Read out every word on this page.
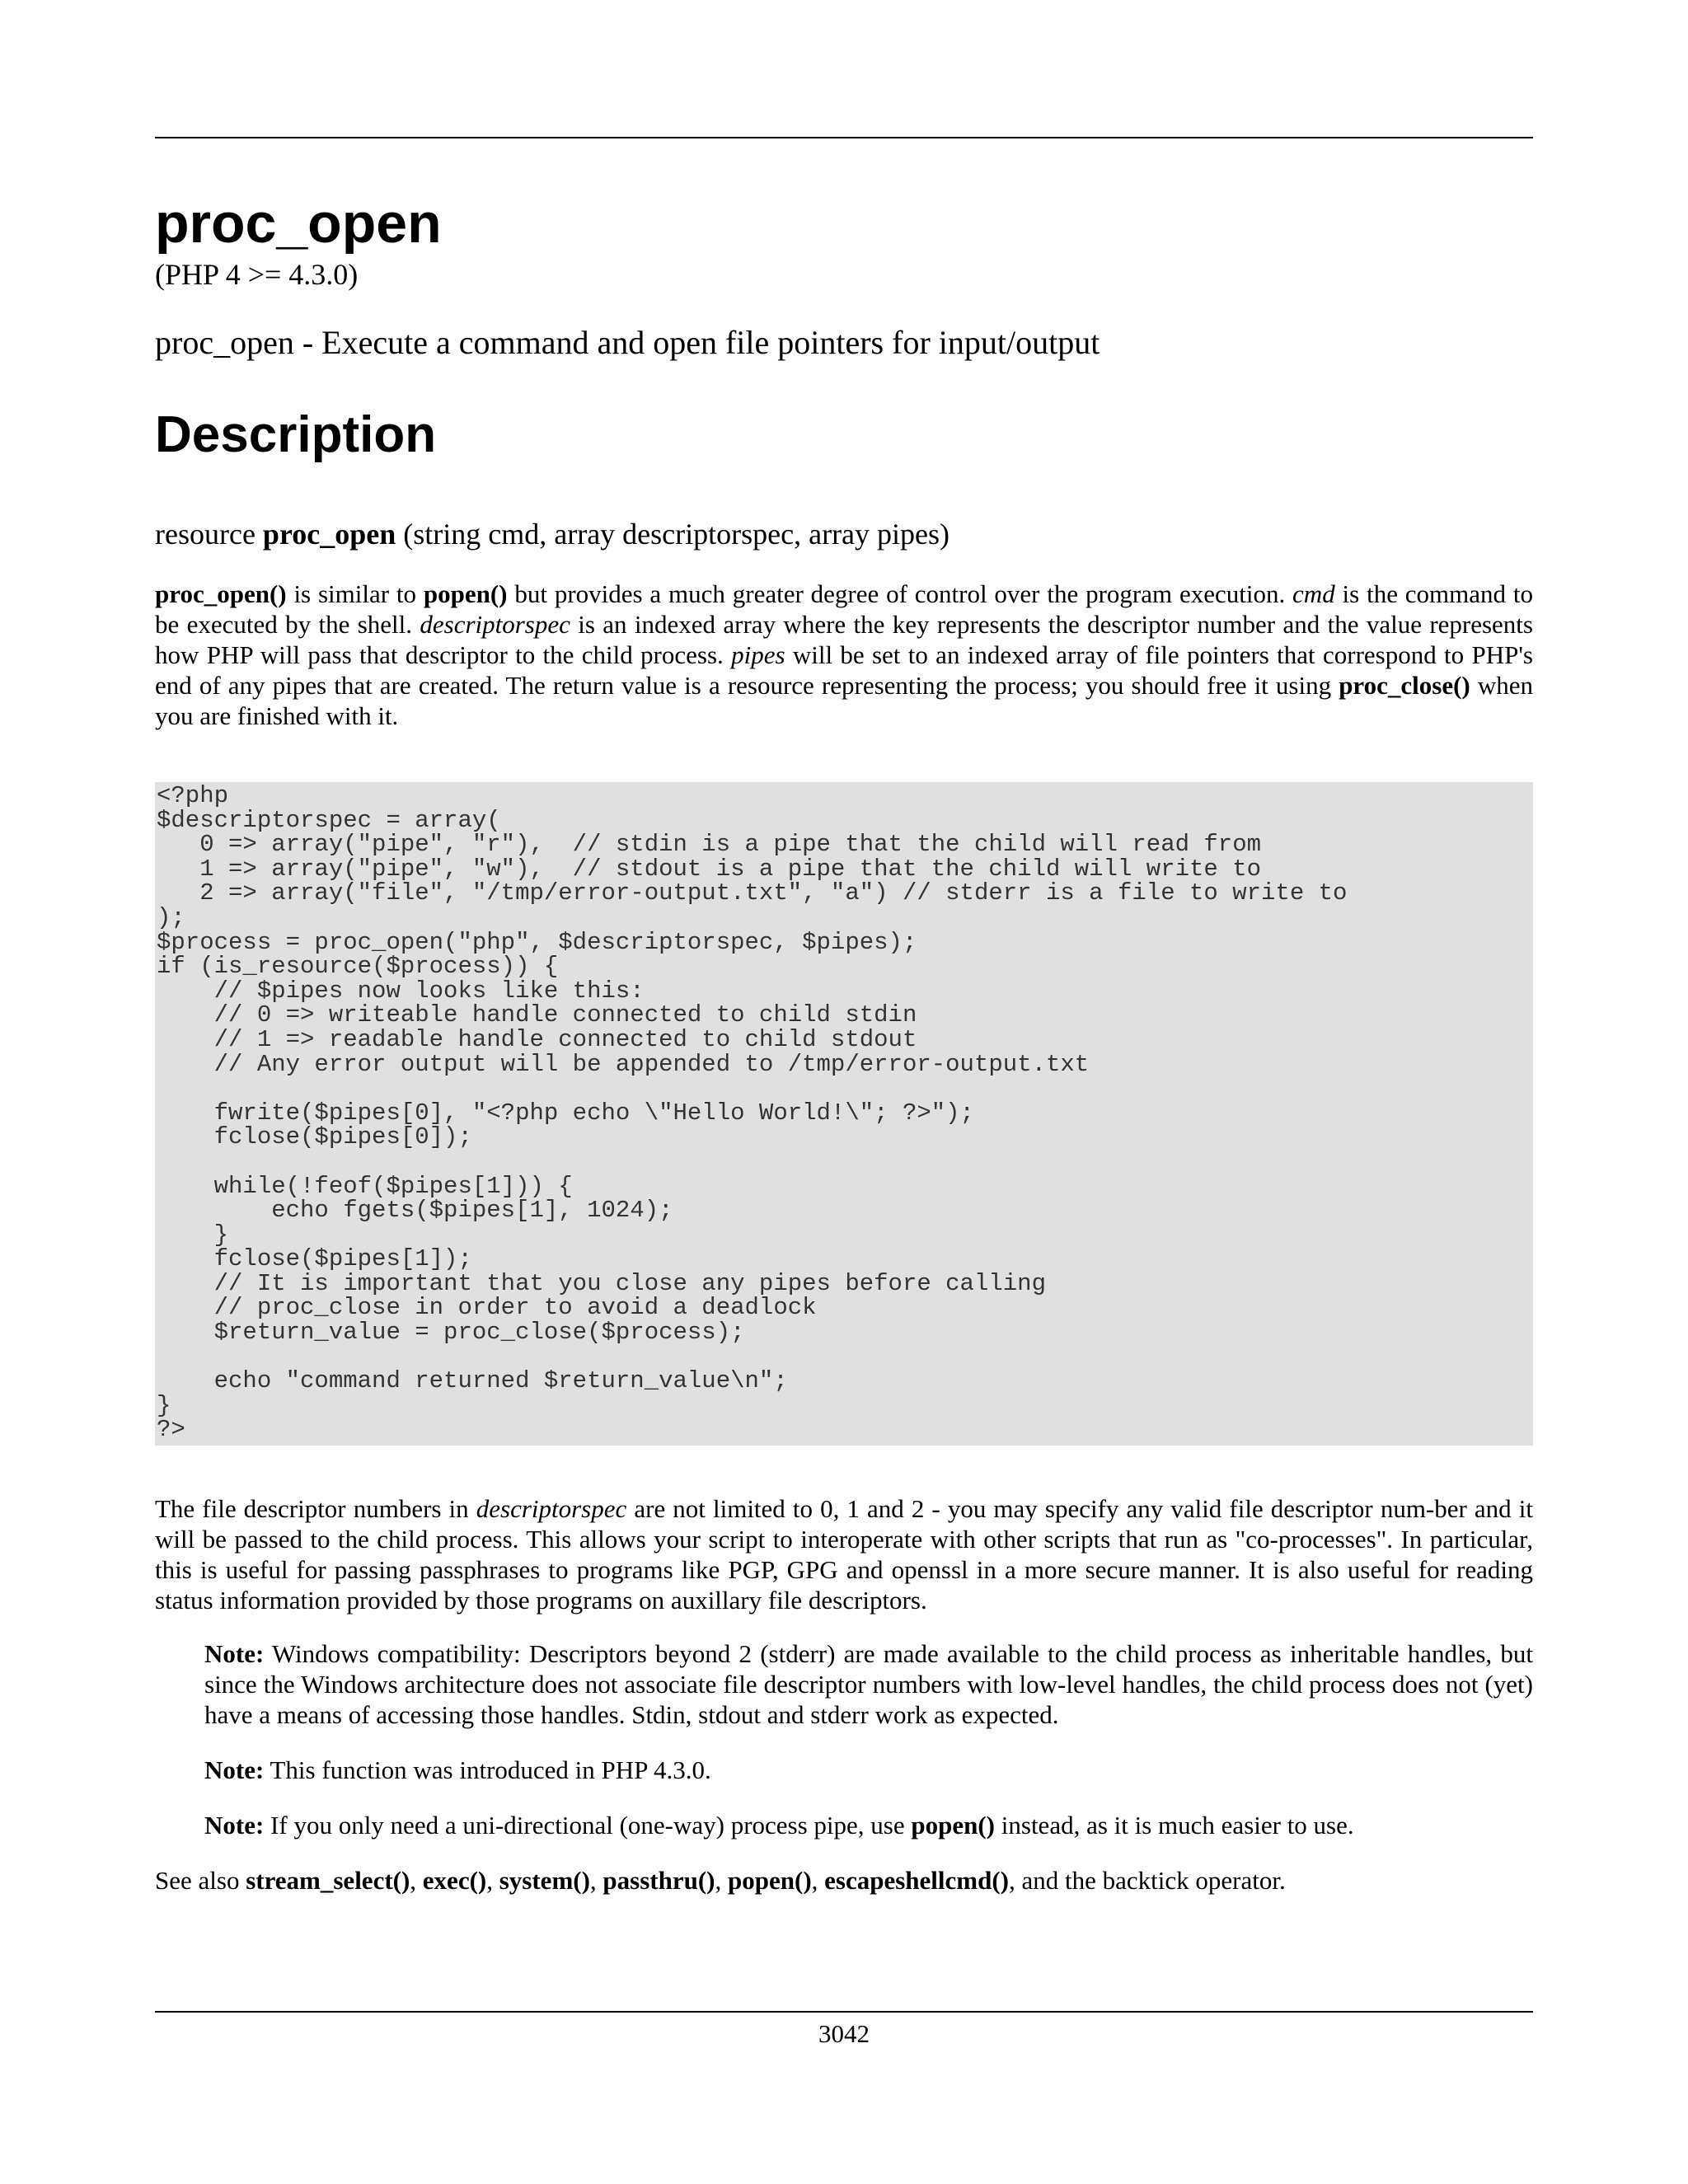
proc_open

(PHP 4 >= 4.3.0)

proc_open - Execute a command and open file pointers for input/output

Description

resource proc_open (string cmd, array descriptorspec, array pipes)

proc_open() is similar to popen() but provides a much greater degree of control over the program execution. cmd is the command to be executed by the shell. descriptorspec is an indexed array where the key represents the descriptor number and the value represents how PHP will pass that descriptor to the child process. pipes will be set to an indexed array of file pointers that correspond to PHP's end of any pipes that are created. The return value is a resource representing the process; you should free it using proc_close() when you are finished with it.

<?php
$descriptorspec = array(
0 => array("pipe", "r"),  // stdin is a pipe that the child will read from
1 => array("pipe", "w"),  // stdout is a pipe that the child will write to
2 => array("file", "/tmp/error-output.txt", "a") // stderr is a file to write to
);
$process = proc_open("php", $descriptorspec, $pipes);
if (is_resource($process)) {
// $pipes now looks like this:
// 0 => writeable handle connected to child stdin
// 1 => readable handle connected to child stdout
// Any error output will be appended to /tmp/error-output.txt

fwrite($pipes[0], "<?php echo \"Hello World!\"; ?>");
fclose($pipes[0]);

while(!feof($pipes[1])) {
echo fgets($pipes[1], 1024);
}
fclose($pipes[1]);
// It is important that you close any pipes before calling
// proc_close in order to avoid a deadlock
$return_value = proc_close($process);

echo "command returned $return_value\n";
}
?>

The file descriptor numbers in descriptorspec are not limited to 0, 1 and 2 - you may specify any valid file descriptor num-ber and it will be passed to the child process. This allows your script to interoperate with other scripts that run as "co-processes". In particular, this is useful for passing passphrases to programs like PGP, GPG and openssl in a more secure manner. It is also useful for reading status information provided by those programs on auxillary file descriptors.

Note: Windows compatibility: Descriptors beyond 2 (stderr) are made available to the child process as inheritable handles, but since the Windows architecture does not associate file descriptor numbers with low-level handles, the child process does not (yet) have a means of accessing those handles. Stdin, stdout and stderr work as expected.

Note: This function was introduced in PHP 4.3.0.

Note: If you only need a uni-directional (one-way) process pipe, use popen() instead, as it is much easier to use.

See also stream_select(), exec(), system(), passthru(), popen(), escapeshellcmd(), and the backtick operator.

3042
